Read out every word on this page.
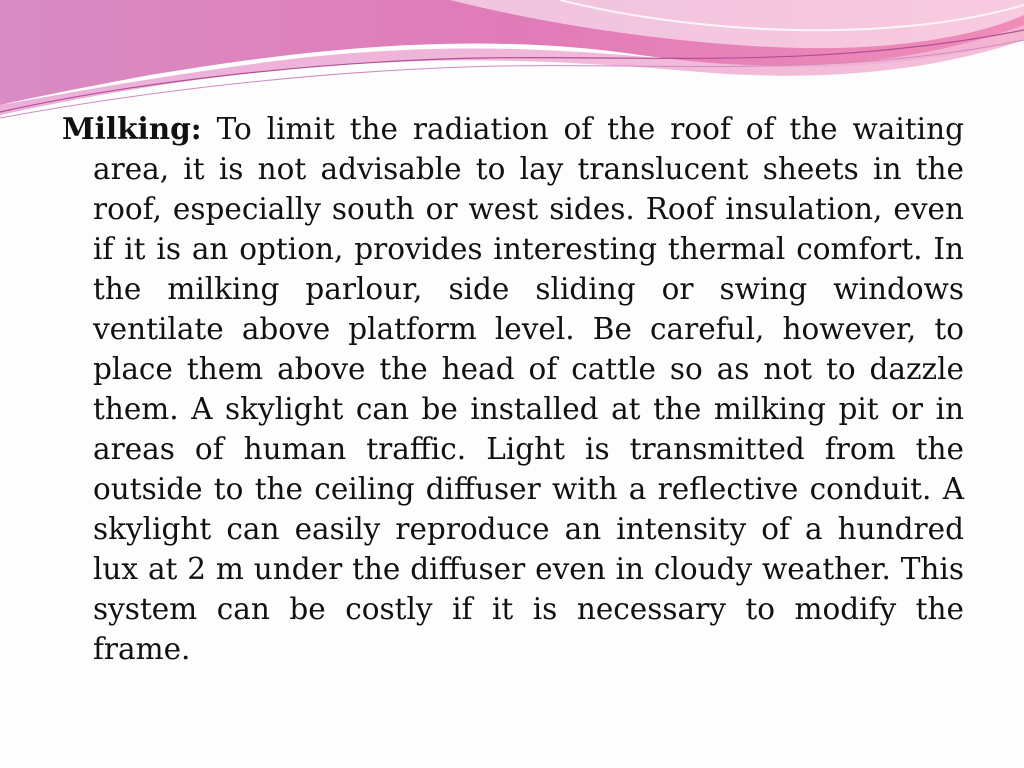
Milking: To limit the radiation of the roof of the waiting area, it is not advisable to lay translucent sheets in the roof, especially south or west sides. Roof insulation, even if it is an option, provides interesting thermal comfort. In the milking parlour, side sliding or swing windows ventilate above platform level. Be careful, however, to place them above the head of cattle so as not to dazzle them. A skylight can be installed at the milking pit or in areas of human traffic. Light is transmitted from the outside to the ceiling diffuser with a reflective conduit. A skylight can easily reproduce an intensity of a hundred lux at 2 m under the diffuser even in cloudy weather. This system can be costly if it is necessary to modify the frame.
